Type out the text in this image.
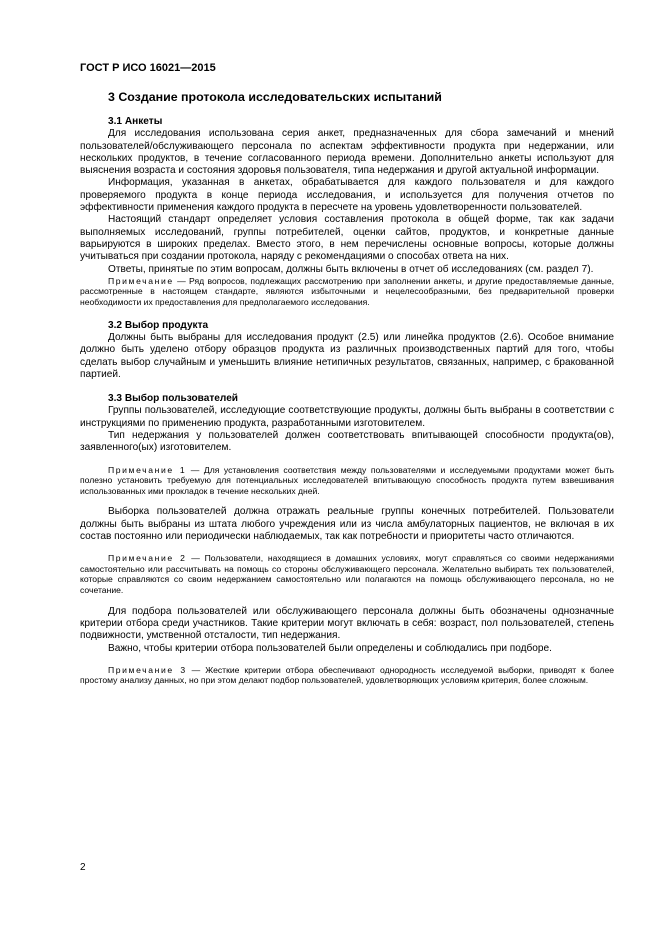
ГОСТ Р ИСО 16021—2015
3 Создание протокола исследовательских испытаний
3.1 Анкеты

Для исследования использована серия анкет, предназначенных для сбора замечаний и мнений пользователей/обслуживающего персонала по аспектам эффективности продукта при недержании, или нескольких продуктов, в течение согласованного периода времени. Дополнительно анкеты используют для выяснения возраста и состояния здоровья пользователя, типа недержания и другой актуальной информации.

Информация, указанная в анкетах, обрабатывается для каждого пользователя и для каждого проверяемого продукта в конце периода исследования, и используется для получения отчетов по эффективности применения каждого продукта в пересчете на уровень удовлетворенности пользователей.

Настоящий стандарт определяет условия составления протокола в общей форме, так как задачи выполняемых исследований, группы потребителей, оценки сайтов, продуктов, и конкретные данные варьируются в широких пределах. Вместо этого, в нем перечислены основные вопросы, которые должны учитываться при создании протокола, наряду с рекомендациями о способах ответа на них.

Ответы, принятые по этим вопросам, должны быть включены в отчет об исследованиях (см. раздел 7).

Примечание — Ряд вопросов, подлежащих рассмотрению при заполнении анкеты, и другие предоставляемые данные, рассмотренные в настоящем стандарте, являются избыточными и нецелесообразными, без предварительной проверки необходимости их предоставления для предполагаемого исследования.

3.2 Выбор продукта

Должны быть выбраны для исследования продукт (2.5) или линейка продуктов (2.6). Особое внимание должно быть уделено отбору образцов продукта из различных производственных партий для того, чтобы сделать выбор случайным и уменьшить влияние нетипичных результатов, связанных, например, с бракованной партией.

3.3 Выбор пользователей

Группы пользователей, исследующие соответствующие продукты, должны быть выбраны в соответствии с инструкциями по применению продукта, разработанными изготовителем.

Тип недержания у пользователей должен соответствовать впитывающей способности продукта(ов), заявленного(ых) изготовителем.

Примечание 1 — Для установления соответствия между пользователями и исследуемыми продуктами может быть полезно установить требуемую для потенциальных исследователей впитывающую способность продукта путем взвешивания использованных ими прокладок в течение нескольких дней.

Выборка пользователей должна отражать реальные группы конечных потребителей. Пользователи должны быть выбраны из штата любого учреждения или из числа амбулаторных пациентов, не включая в их состав постоянно или периодически наблюдаемых, так как потребности и приоритеты часто отличаются.

Примечание 2 — Пользователи, находящиеся в домашних условиях, могут справляться со своими недержаниями самостоятельно или рассчитывать на помощь со стороны обслуживающего персонала. Желательно выбирать тех пользователей, которые справляются со своим недержанием самостоятельно или полагаются на помощь обслуживающего персонала, но не сочетание.

Для подбора пользователей или обслуживающего персонала должны быть обозначены однозначные критерии отбора среди участников. Такие критерии могут включать в себя: возраст, пол пользователей, степень подвижности, умственной отсталости, тип недержания.

Важно, чтобы критерии отбора пользователей были определены и соблюдались при подборе.

Примечание 3 — Жесткие критерии отбора обеспечивают однородность исследуемой выборки, приводят к более простому анализу данных, но при этом делают подбор пользователей, удовлетворяющих условиям критерия, более сложным.

2
